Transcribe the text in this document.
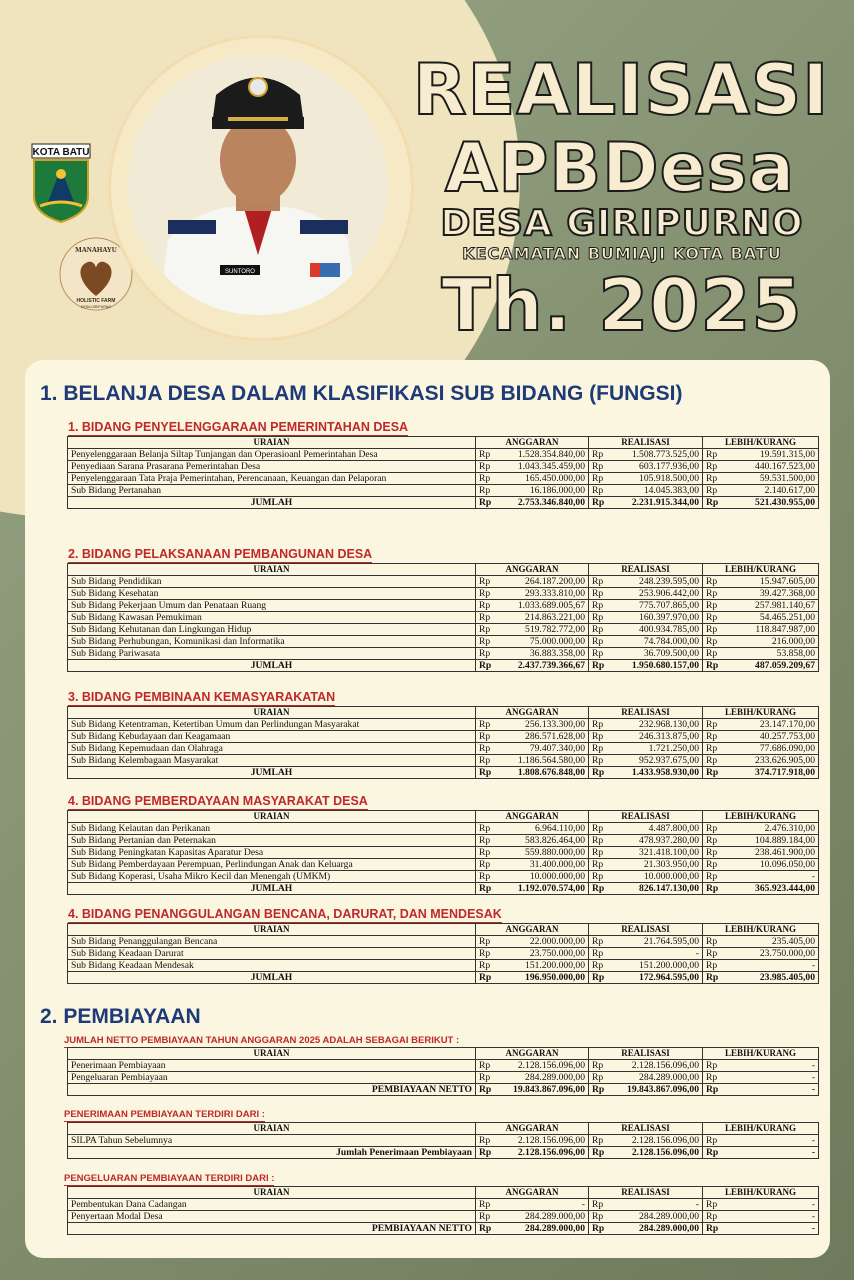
KOTA BATU
MANAHAYU
HOLISTIC FARM
DESA GIRIPURNO
SUNTORO
REALISASI
APBDesa
DESA GIRIPURNO
KECAMATAN BUMIAJI KOTA BATU
Th. 2025
1. BELANJA DESA DALAM KLASIFIKASI SUB BIDANG (FUNGSI)
1. BIDANG PENYELENGGARAAN PEMERINTAHAN DESA
URAIAN	ANGGARAN		REALISASI		LEBIH/KURANG	
Penyelenggaraan Belanja Siltap Tunjangan dan Operasioanl Pemerintahan Desa	Rp	1.528.354.840,00	Rp	1.508.773.525,00	Rp	19.591.315,00
Penyediaan Sarana Prasarana Pemerintahan Desa	Rp	1.043.345.459,00	Rp	603.177.936,00	Rp	440.167.523,00
Penyelenggaraan Tata Praja Pemerintahan, Perencanaan, Keuangan dan Pelaporan	Rp	165.450.000,00	Rp	105.918.500,00	Rp	59.531.500,00
Sub Bidang Pertanahan	Rp	16.186.000,00	Rp	14.045.383,00	Rp	2.140.617,00
JUMLAH	Rp	2.753.346.840,00	Rp	2.231.915.344,00	Rp	521.430.955,00
2. BIDANG PELAKSANAAN PEMBANGUNAN DESA
URAIAN	ANGGARAN		REALISASI		LEBIH/KURANG	
Sub Bidang Pendidikan	Rp	264.187.200,00	Rp	248.239.595,00	Rp	15.947.605,00
Sub Bidang Kesehatan	Rp	293.333.810,00	Rp	253.906.442,00	Rp	39.427.368,00
Sub Bidang Pekerjaan Umum dan Penataan Ruang	Rp	1.033.689.005,67	Rp	775.707.865,00	Rp	257.981.140,67
Sub Bidang Kawasan Pemukiman	Rp	214.863.221,00	Rp	160.397.970,00	Rp	54.465.251,00
Sub Bidang Kehutanan dan Lingkungan Hidup	Rp	519.782.772,00	Rp	400.934.785,00	Rp	118.847.987,00
Sub Bidang Perhubungan, Komunikasi dan Informatika	Rp	75.000.000,00	Rp	74.784.000,00	Rp	216.000,00
Sub Bidang Pariwasata	Rp	36.883.358,00	Rp	36.709.500,00	Rp	53.858,00
JUMLAH	Rp	2.437.739.366,67	Rp	1.950.680.157,00	Rp	487.059.209,67
3. BIDANG PEMBINAAN KEMASYARAKATAN
URAIAN	ANGGARAN		REALISASI		LEBIH/KURANG	
Sub Bidang Ketentraman, Ketertiban Umum dan Perlindungan Masyarakat	Rp	256.133.300,00	Rp	232.968.130,00	Rp	23.147.170,00
Sub Bidang Kebudayaan dan Keagamaan	Rp	286.571.628,00	Rp	246.313.875,00	Rp	40.257.753,00
Sub Bidang Kepemudaan dan Olahraga	Rp	79.407.340,00	Rp	1.721.250,00	Rp	77.686.090,00
Sub Bidang Kelembagaan Masyarakat	Rp	1.186.564.580,00	Rp	952.937.675,00	Rp	233.626.905,00
JUMLAH	Rp	1.808.676.848,00	Rp	1.433.958.930,00	Rp	374.717.918,00
4. BIDANG PEMBERDAYAAN MASYARAKAT DESA
URAIAN	ANGGARAN		REALISASI		LEBIH/KURANG	
Sub Bidang Kelautan dan Perikanan	Rp	6.964.110,00	Rp	4.487.800,00	Rp	2.476.310,00
Sub Bidang Pertanian dan Peternakan	Rp	583.826.464,00	Rp	478.937.280,00	Rp	104.889.184,00
Sub Bidang Peningkatan Kapasitas Aparatur Desa	Rp	559.880.000,00	Rp	321.418.100,00	Rp	238.461.900,00
Sub Bidang Pemberdayaan Perempuan, Perlindungan Anak dan Keluarga	Rp	31.400.000,00	Rp	21.303.950,00	Rp	10.096.050,00
Sub Bidang Koperasi, Usaha Mikro Kecil dan Menengah (UMKM)	Rp	10.000.000,00	Rp	10.000.000,00	Rp	-
JUMLAH	Rp	1.192.070.574,00	Rp	826.147.130,00	Rp	365.923.444,00
4. BIDANG PENANGGULANGAN BENCANA, DARURAT, DAN MENDESAK
URAIAN	ANGGARAN		REALISASI		LEBIH/KURANG	
Sub Bidang Penanggulangan Bencana	Rp	22.000.000,00	Rp	21.764.595,00	Rp	235.405,00
Sub Bidang Keadaan Darurat	Rp	23.750.000,00	Rp	-	Rp	23.750.000,00
Sub Bidang Keadaan Mendesak	Rp	151.200.000,00	Rp	151.200.000,00	Rp	-
JUMLAH	Rp	196.950.000,00	Rp	172.964.595,00	Rp	23.985.405,00
2. PEMBIAYAAN
JUMLAH NETTO PEMBIAYAAN TAHUN ANGGARAN 2025 ADALAH SEBAGAI BERIKUT :
URAIAN	ANGGARAN		REALISASI		LEBIH/KURANG	
Penerimaan Pembiayaan	Rp	2.128.156.096,00	Rp	2.128.156.096,00	Rp	-
Pengeluaran Pembiayaan	Rp	284.289.000,00	Rp	284.289.000,00	Rp	-
PEMBIAYAAN NETTO	Rp	19.843.867.096,00	Rp	19.843.867.096,00	Rp	-
PENERIMAAN PEMBIAYAAN TERDIRI DARI :
URAIAN	ANGGARAN		REALISASI		LEBIH/KURANG	
SILPA Tahun Sebelumnya	Rp	2.128.156.096,00	Rp	2.128.156.096,00	Rp	-
Jumlah Penerimaan Pembiayaan	Rp	2.128.156.096,00	Rp	2.128.156.096,00	Rp	-
PENGELUARAN PEMBIAYAAN TERDIRI DARI :
URAIAN	ANGGARAN		REALISASI		LEBIH/KURANG	
Pembentukan Dana Cadangan	Rp	-	Rp	-	Rp	-
Penyertaan Modal Desa	Rp	284.289.000,00	Rp	284.289.000,00	Rp	-
PEMBIAYAAN NETTO	Rp	284.289.000,00	Rp	284.289.000,00	Rp	-
